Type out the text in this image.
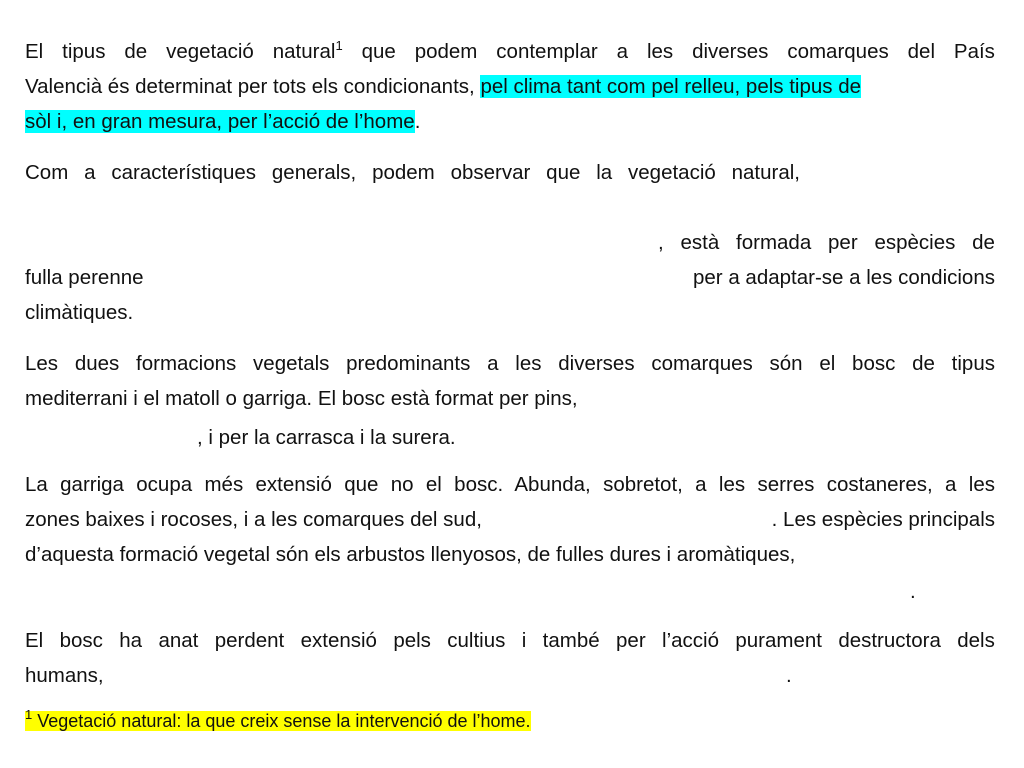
El tipus de vegetació natural$^1$ que podem contemplar a les diverses comarques del País
Valencià és determinat per tots els condicionants, pel clima tant com pel relleu, pels tipus de
sòl i, en gran mesura, per l’acció de l’home.
Com a característiques generals, podem observar que la vegetació natural,
, està formada per espècies de
fulla perenne	per a adaptar-se a les condicions
climàtiques.
Les dues formacions vegetals predominants a les diverses comarques són el bosc de tipus
mediterrani i el matoll o garriga. El bosc està format per pins,
, i per la carrasca i la surera.
La garriga ocupa més extensió que no el bosc. Abunda, sobretot, a les serres costaneres, a les
zones baixes i rocoses, i a les comarques del sud,	. Les espècies principals
d’aquesta formació vegetal són els arbustos llenyosos, de fulles dures i aromàtiques,
.
El bosc ha anat perdent extensió pels cultius i també per l’acció purament destructora dels
humans,	.
$^1$ Vegetació natural: la que creix sense la intervenció de l’home.
